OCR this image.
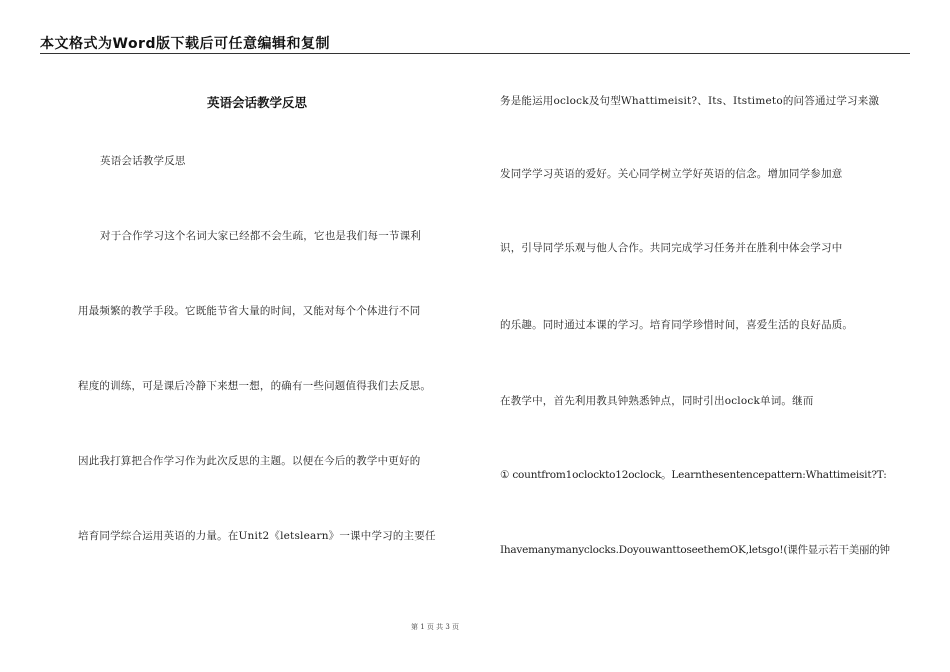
本文格式为Word版下载后可任意编辑和复制
英语会话教学反思
英语会话教学反思
对于合作学习这个名词大家已经都不会生疏，它也是我们每一节课利
用最频繁的教学手段。它既能节省大量的时间，又能对每个个体进行不同
程度的训练，可是课后冷静下来想一想，的确有一些问题值得我们去反思。
因此我打算把合作学习作为此次反思的主题。以便在今后的教学中更好的
培育同学综合运用英语的力量。在Unit2《letslearn》一课中学习的主要任
务是能运用oclock及句型Whattimeisit?、Its、Itstimeto的问答通过学习来激
发同学学习英语的爱好。关心同学树立学好英语的信念。增加同学参加意
识，引导同学乐观与他人合作。共同完成学习任务并在胜利中体会学习中
的乐趣。同时通过本课的学习。培育同学珍惜时间，喜爱生活的良好品质。
在教学中，首先利用教具钟熟悉钟点，同时引出oclock单词。继而
① countfrom1oclockto12oclock。Learnthesentencepattern:Whattimeisit?T:
Ihavemanymanyclocks.DoyouwanttoseethemOK,letsgo!(课件显示若干美丽的钟
第 1 页 共 3 页
